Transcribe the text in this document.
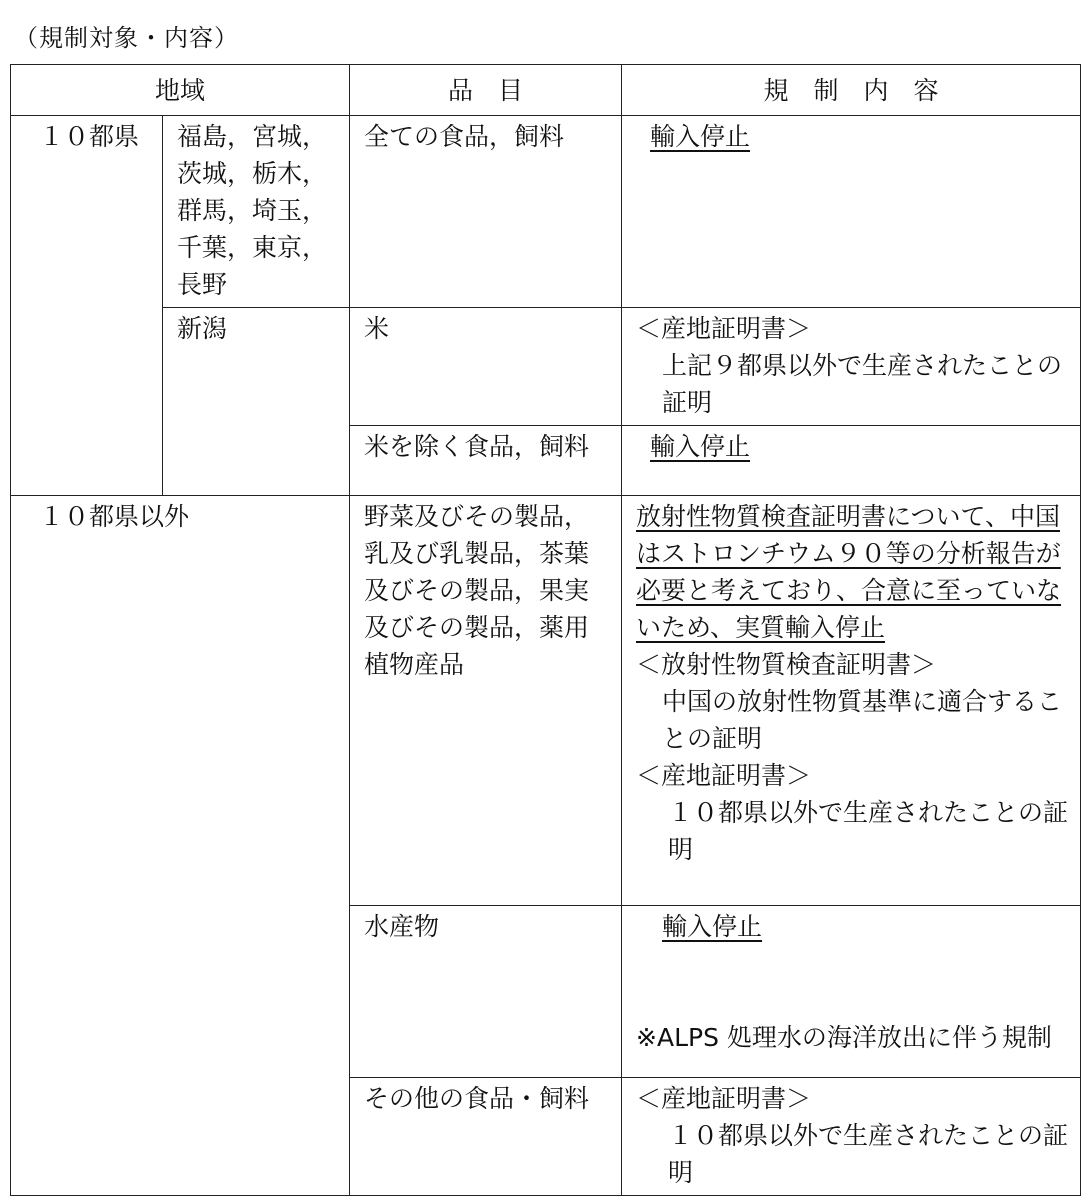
（規制対象・内容）
地域		品　目	規　制　内　容
１０都県	福島，宮城，茨城，栃木，群馬，埼玉，千葉，東京，長野	全ての食品，飼料	輸入停止
	新潟	米	＜産地証明書＞
上記９都県以外で生産されたことの証明

		米を除く食品，飼料	輸入停止
１０都県以外		野菜及びその製品，乳及び乳製品，茶葉及びその製品，果実及びその製品，薬用植物産品	放射性物質検査証明書について、中国はストロンチウム９０等の分析報告が必要と考えており、合意に至っていないため、実質輸入停止
＜放射性物質検査証明書＞
中国の放射性物質基準に適合することの証明
＜産地証明書＞
１０都県以外で生産されたことの証明

		水産物	輸入停止
※ALPS 処理水の海洋放出に伴う規制

		その他の食品・飼料	＜産地証明書＞
１０都県以外で生産されたことの証明
